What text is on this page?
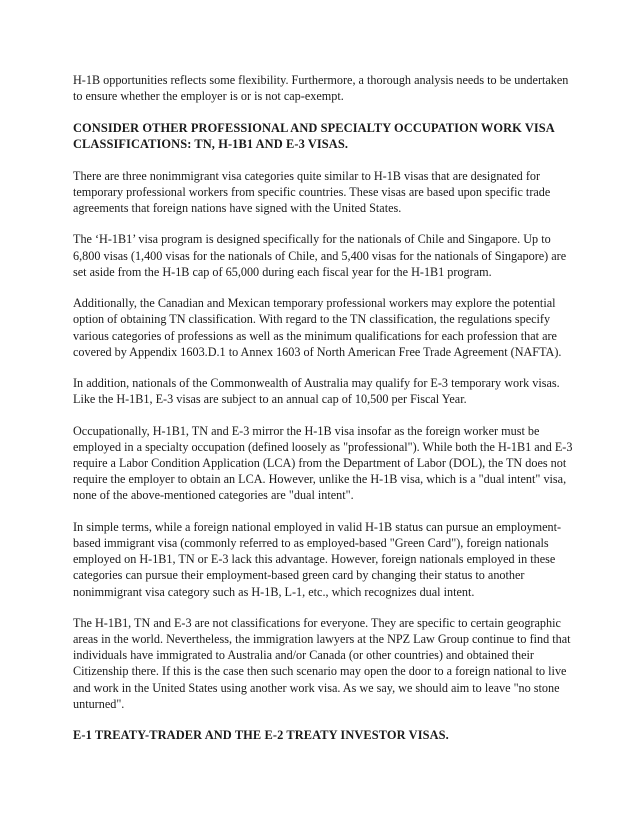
H-1B opportunities reflects some flexibility. Furthermore, a thorough analysis needs to be undertaken to ensure whether the employer is or is not cap-exempt.

CONSIDER OTHER PROFESSIONAL AND SPECIALTY OCCUPATION WORK VISA CLASSIFICATIONS: TN, H-1B1 AND E-3 VISAS.

There are three nonimmigrant visa categories quite similar to H-1B visas that are designated for temporary professional workers from specific countries. These visas are based upon specific trade agreements that foreign nations have signed with the United States.

The ‘H-1B1’ visa program is designed specifically for the nationals of Chile and Singapore. Up to 6,800 visas (1,400 visas for the nationals of Chile, and 5,400 visas for the nationals of Singapore) are set aside from the H-1B cap of 65,000 during each fiscal year for the H-1B1 program.

Additionally, the Canadian and Mexican temporary professional workers may explore the potential option of obtaining TN classification. With regard to the TN classification, the regulations specify various categories of professions as well as the minimum qualifications for each profession that are covered by Appendix 1603.D.1 to Annex 1603 of North American Free Trade Agreement (NAFTA).

In addition, nationals of the Commonwealth of Australia may qualify for E-3 temporary work visas. Like the H-1B1, E-3 visas are subject to an annual cap of 10,500 per Fiscal Year.

Occupationally, H-1B1, TN and E-3 mirror the H-1B visa insofar as the foreign worker must be employed in a specialty occupation (defined loosely as "professional"). While both the H-1B1 and E-3 require a Labor Condition Application (LCA) from the Department of Labor (DOL), the TN does not require the employer to obtain an LCA. However, unlike the H-1B visa, which is a "dual intent" visa, none of the above-mentioned categories are "dual intent".

In simple terms, while a foreign national employed in valid H-1B status can pursue an employment-based immigrant visa (commonly referred to as employed-based "Green Card"), foreign nationals employed on H-1B1, TN or E-3 lack this advantage. However, foreign nationals employed in these categories can pursue their employment-based green card by changing their status to another nonimmigrant visa category such as H-1B, L-1, etc., which recognizes dual intent.

The H-1B1, TN and E-3 are not classifications for everyone. They are specific to certain geographic areas in the world. Nevertheless, the immigration lawyers at the NPZ Law Group continue to find that individuals have immigrated to Australia and/or Canada (or other countries) and obtained their Citizenship there. If this is the case then such scenario may open the door to a foreign national to live and work in the United States using another work visa. As we say, we should aim to leave "no stone unturned".

E-1 TREATY-TRADER AND THE E-2 TREATY INVESTOR VISAS.
